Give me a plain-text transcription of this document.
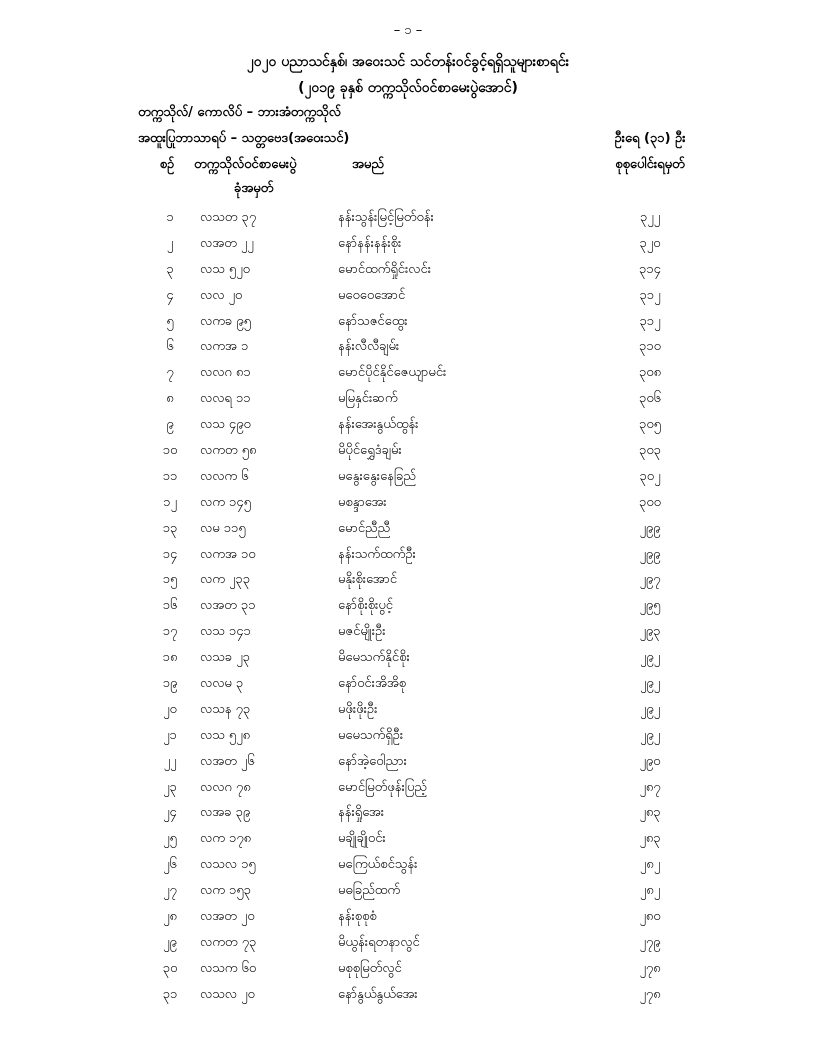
– ၁ –
၂၀၂၀ ပညာသင်နှစ်၊ အဝေးသင် သင်တန်းဝင်ခွင့်ရရှိသူများစာရင်း
(၂၀၁၉ ခုနှစ် တက္ကသိုလ်ဝင်စာမေးပွဲအောင်)
တက္ကသိုလ်/ ကောလိပ် – ဘားအံတက္ကသိုလ်
အထူးပြုဘာသာရပ် – သတ္တဗေဒ(အဝေးသင်)	ဦးရေ (၃၁) ဦး
စဉ်	တက္ကသိုလ်ဝင်စာမေးပွဲ
ခုံအမှတ်
အမည်	စုစုပေါင်းရမှတ်
၁	လသတ ၃၇	နန်းသွန်းမြင့်မြတ်ဝန်း	၃၂၂
၂	လအတ ၂၂	နော်နန်းနန်းစိုး	၃၂၀
၃	လသ ၅၂၀	မောင်ထက်ရှိုင်းလင်း	၃၁၄
၄	လလ ၂၀	မဝေဝေအောင်	၃၁၂
၅	လကခ ၉၅	နော်သဇင်ထွေး	၃၁၂
၆	လကအ ၁	နန်းလီလီချမ်း	၃၁၀
၇	လလဂ ၈၁	မောင်ပိုင်နိုင်ဇေယျာမင်း	၃၀၈
၈	လလရ ၁၁	မမြနှင်းဆက်	၃၀၆
၉	လသ ၄၉၀	နန်းအေးနွယ်ထွန်း	၃၀၅
၁၀	လကတ ၅၈	မိပိုင်ရွှေဒံချမ်း	၃၀၃
၁၁	လလက ၆	မနွေးနွေးနေခြည်	၃၀၂
၁၂	လက ၁၄၅	မစန္ဒာအေး	၃၀၀
၁၃	လမ ၁၁၅	မောင်ညီညီ	၂၉၉
၁၄	လကအ ၁၀	နန်းသက်ထက်ဦး	၂၉၉
၁၅	လက ၂၃၃	မနိုးစိုးအောင်	၂၉၇
၁၆	လအတ ၃၁	နော်စိုးစိုးပွင့်	၂၉၅
၁၇	လသ ၁၄၁	မဇင်မျိုးဦး	၂၉၃
၁၈	လသခ ၂၃	မိမေသက်နိုင်စိုး	၂၉၂
၁၉	လလမ ၃	နော်ဝင်းအိအိစု	၂၉၂
၂၀	လသန ၇၃	မဖိုးဖိုးဦး	၂၉၂
၂၁	လသ ၅၂၈	မမေသက်ရှိဦး	၂၉၂
၂၂	လအတ ၂၆	နော်အဲ့ဝေါညား	၂၉၀
၂၃	လလဂ ၇၈	မောင်မြတ်ဖုန်းပြည့်	၂၈၇
၂၄	လအခ ၃၉	နန်းရှိုအေး	၂၈၃
၂၅	လက ၁၇၈	မချိုချိုဝင်း	၂၈၃
၂၆	လသလ ၁၅	မကြေယ်စင်သွန်း	၂၈၂
၂၇	လက ၁၅၃	မဓခြည်ထက်	၂၈၂
၂၈	လအတ ၂၀	နန်းစုစုစံ	၂၈၀
၂၉	လကတ ၇၃	မိယွန်းရတနာလွင်	၂၇၉
၃၀	လသက ၆၀	မစုစုမြတ်လွင်	၂၇၈
၃၁	လသလ ၂၀	နော်နွယ်နွယ်အေး	၂၇၈
